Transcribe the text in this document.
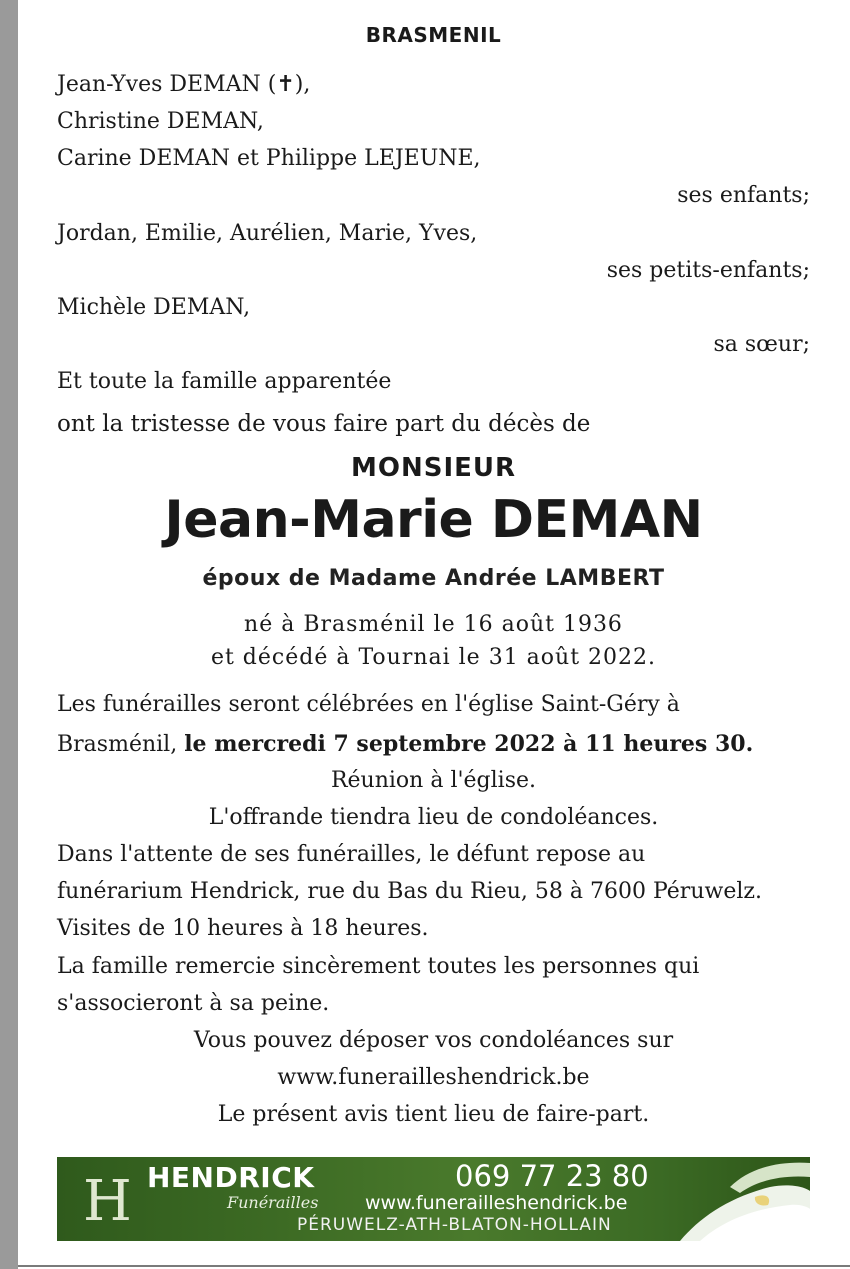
BRASMENIL
Jean-Yves DEMAN (✝),
Christine DEMAN,
Carine DEMAN et Philippe LEJEUNE,
ses enfants;
Jordan, Emilie, Aurélien, Marie, Yves,
ses petits-enfants;
Michèle DEMAN,
sa sœur;
Et toute la famille apparentée
ont la tristesse de vous faire part du décès de
MONSIEUR
Jean-Marie DEMAN
époux de Madame Andrée LAMBERT
né à Brasménil le 16 août 1936
et décédé à Tournai le 31 août 2022.
Les funérailles seront célébrées en l'église Saint-Géry à
Brasménil, le mercredi 7 septembre 2022 à 11 heures 30.
Réunion à l'église.
L'offrande tiendra lieu de condoléances.
Dans l'attente de ses funérailles, le défunt repose au
funérarium Hendrick, rue du Bas du Rieu, 58 à 7600 Péruwelz.
Visites de 10 heures à 18 heures.
La famille remercie sincèrement toutes les personnes qui
s'associeront à sa peine.
Vous pouvez déposer vos condoléances sur
www.funerailleshendrick.be
Le présent avis tient lieu de faire-part.
H HENDRICK
Funérailles
069 77 23 80
www.funerailleshendrick.be
PÉRUWELZ-ATH-BLATON-HOLLAIN
